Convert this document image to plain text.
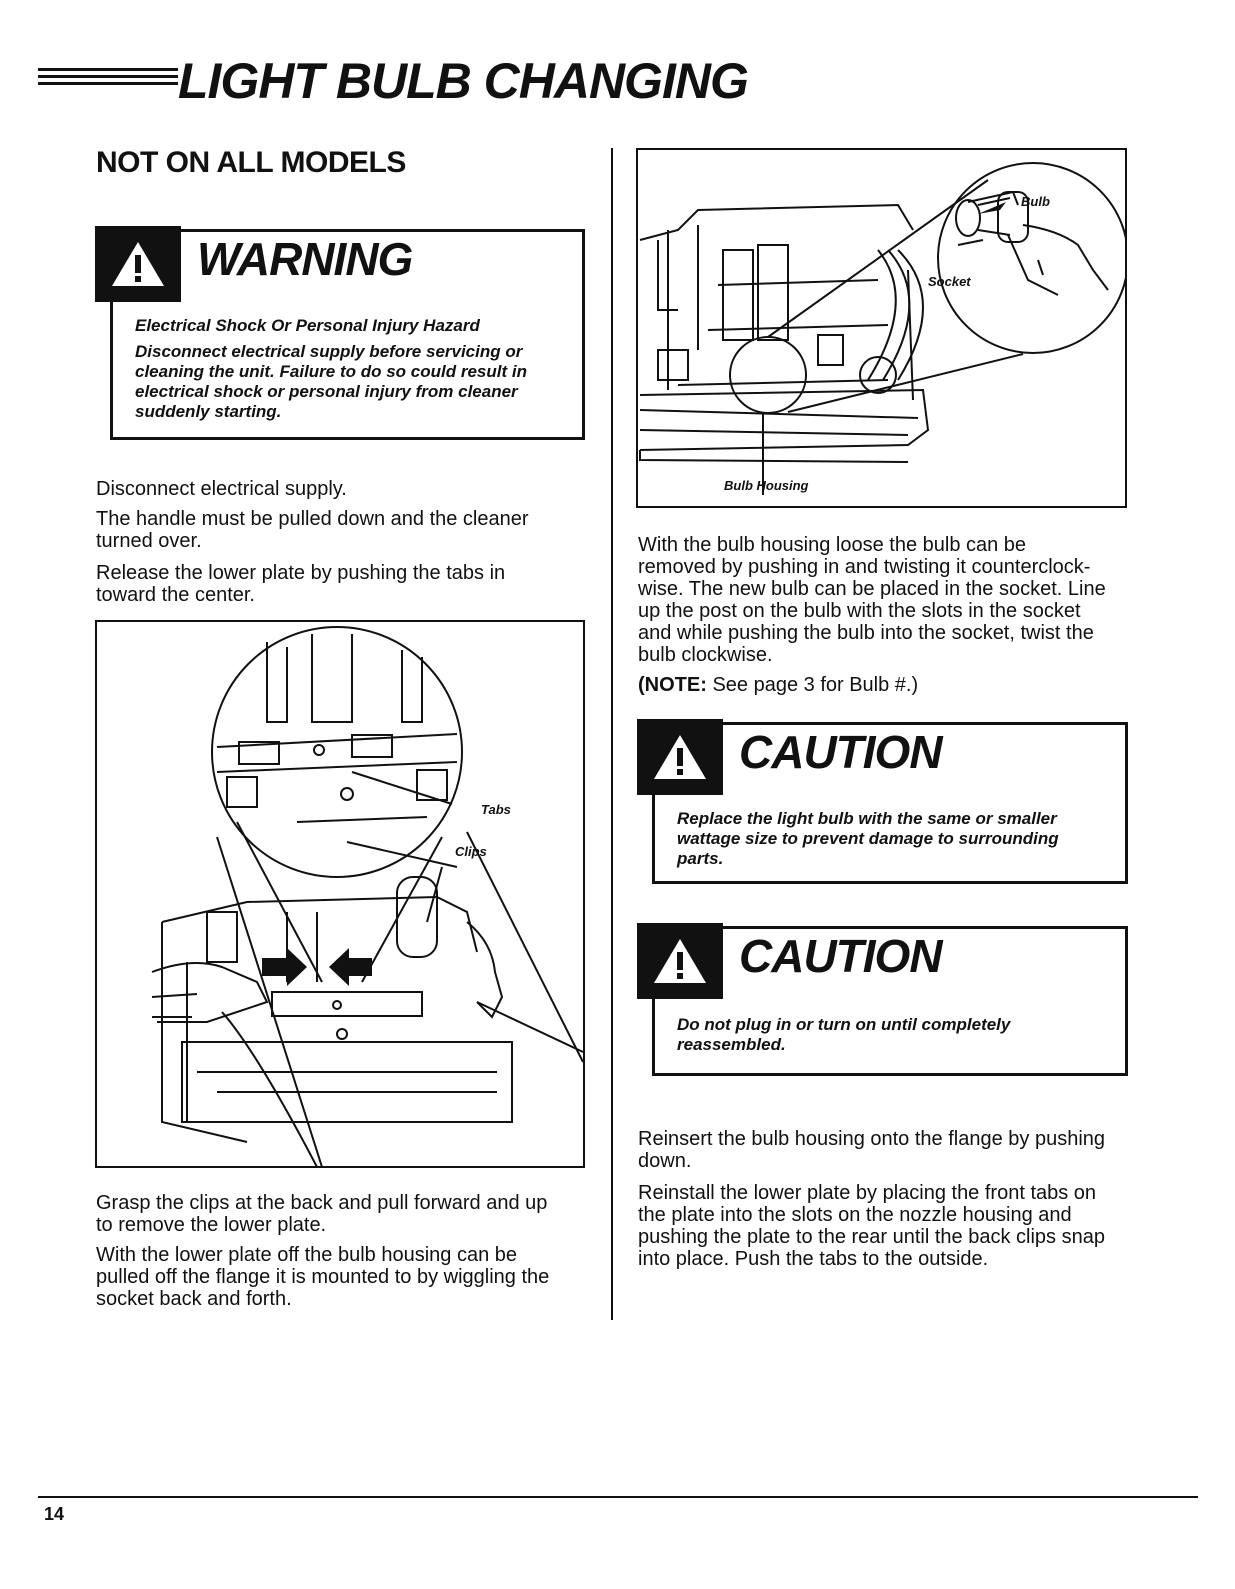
LIGHT BULB CHANGING
NOT ON ALL MODELS
WARNING

Electrical Shock Or Personal Injury Hazard

Disconnect electrical supply before servicing or

cleaning the unit. Failure to do so could result in

electrical shock or personal injury from cleaner

suddenly starting.

Disconnect electrical supply.

The handle must be pulled down and the cleaner

turned over.

Release the lower plate by pushing the tabs in

toward the center.

Tabs
Clips

Grasp the clips at the back and pull forward and up

to remove the lower plate.

With the lower plate off the bulb housing can be

pulled off the flange it is mounted to by wiggling the

socket back and forth.

Bulb
Socket
Bulb Housing

With the bulb housing loose the bulb can be

removed by pushing in and twisting it counterclock-

wise. The new bulb can be placed in the socket. Line

up the post on the bulb with the slots in the socket

and while pushing the bulb into the socket, twist the

bulb clockwise.

(NOTE: See page 3 for Bulb #.)

CAUTION

Replace the light bulb with the same or smaller

wattage size to prevent damage to surrounding

parts.

CAUTION

Do not plug in or turn on until completely

reassembled.

Reinsert the bulb housing onto the flange by pushing

down.

Reinstall the lower plate by placing the front tabs on

the plate into the slots on the nozzle housing and

pushing the plate to the rear until the back clips snap

into place. Push the tabs to the outside.

14
